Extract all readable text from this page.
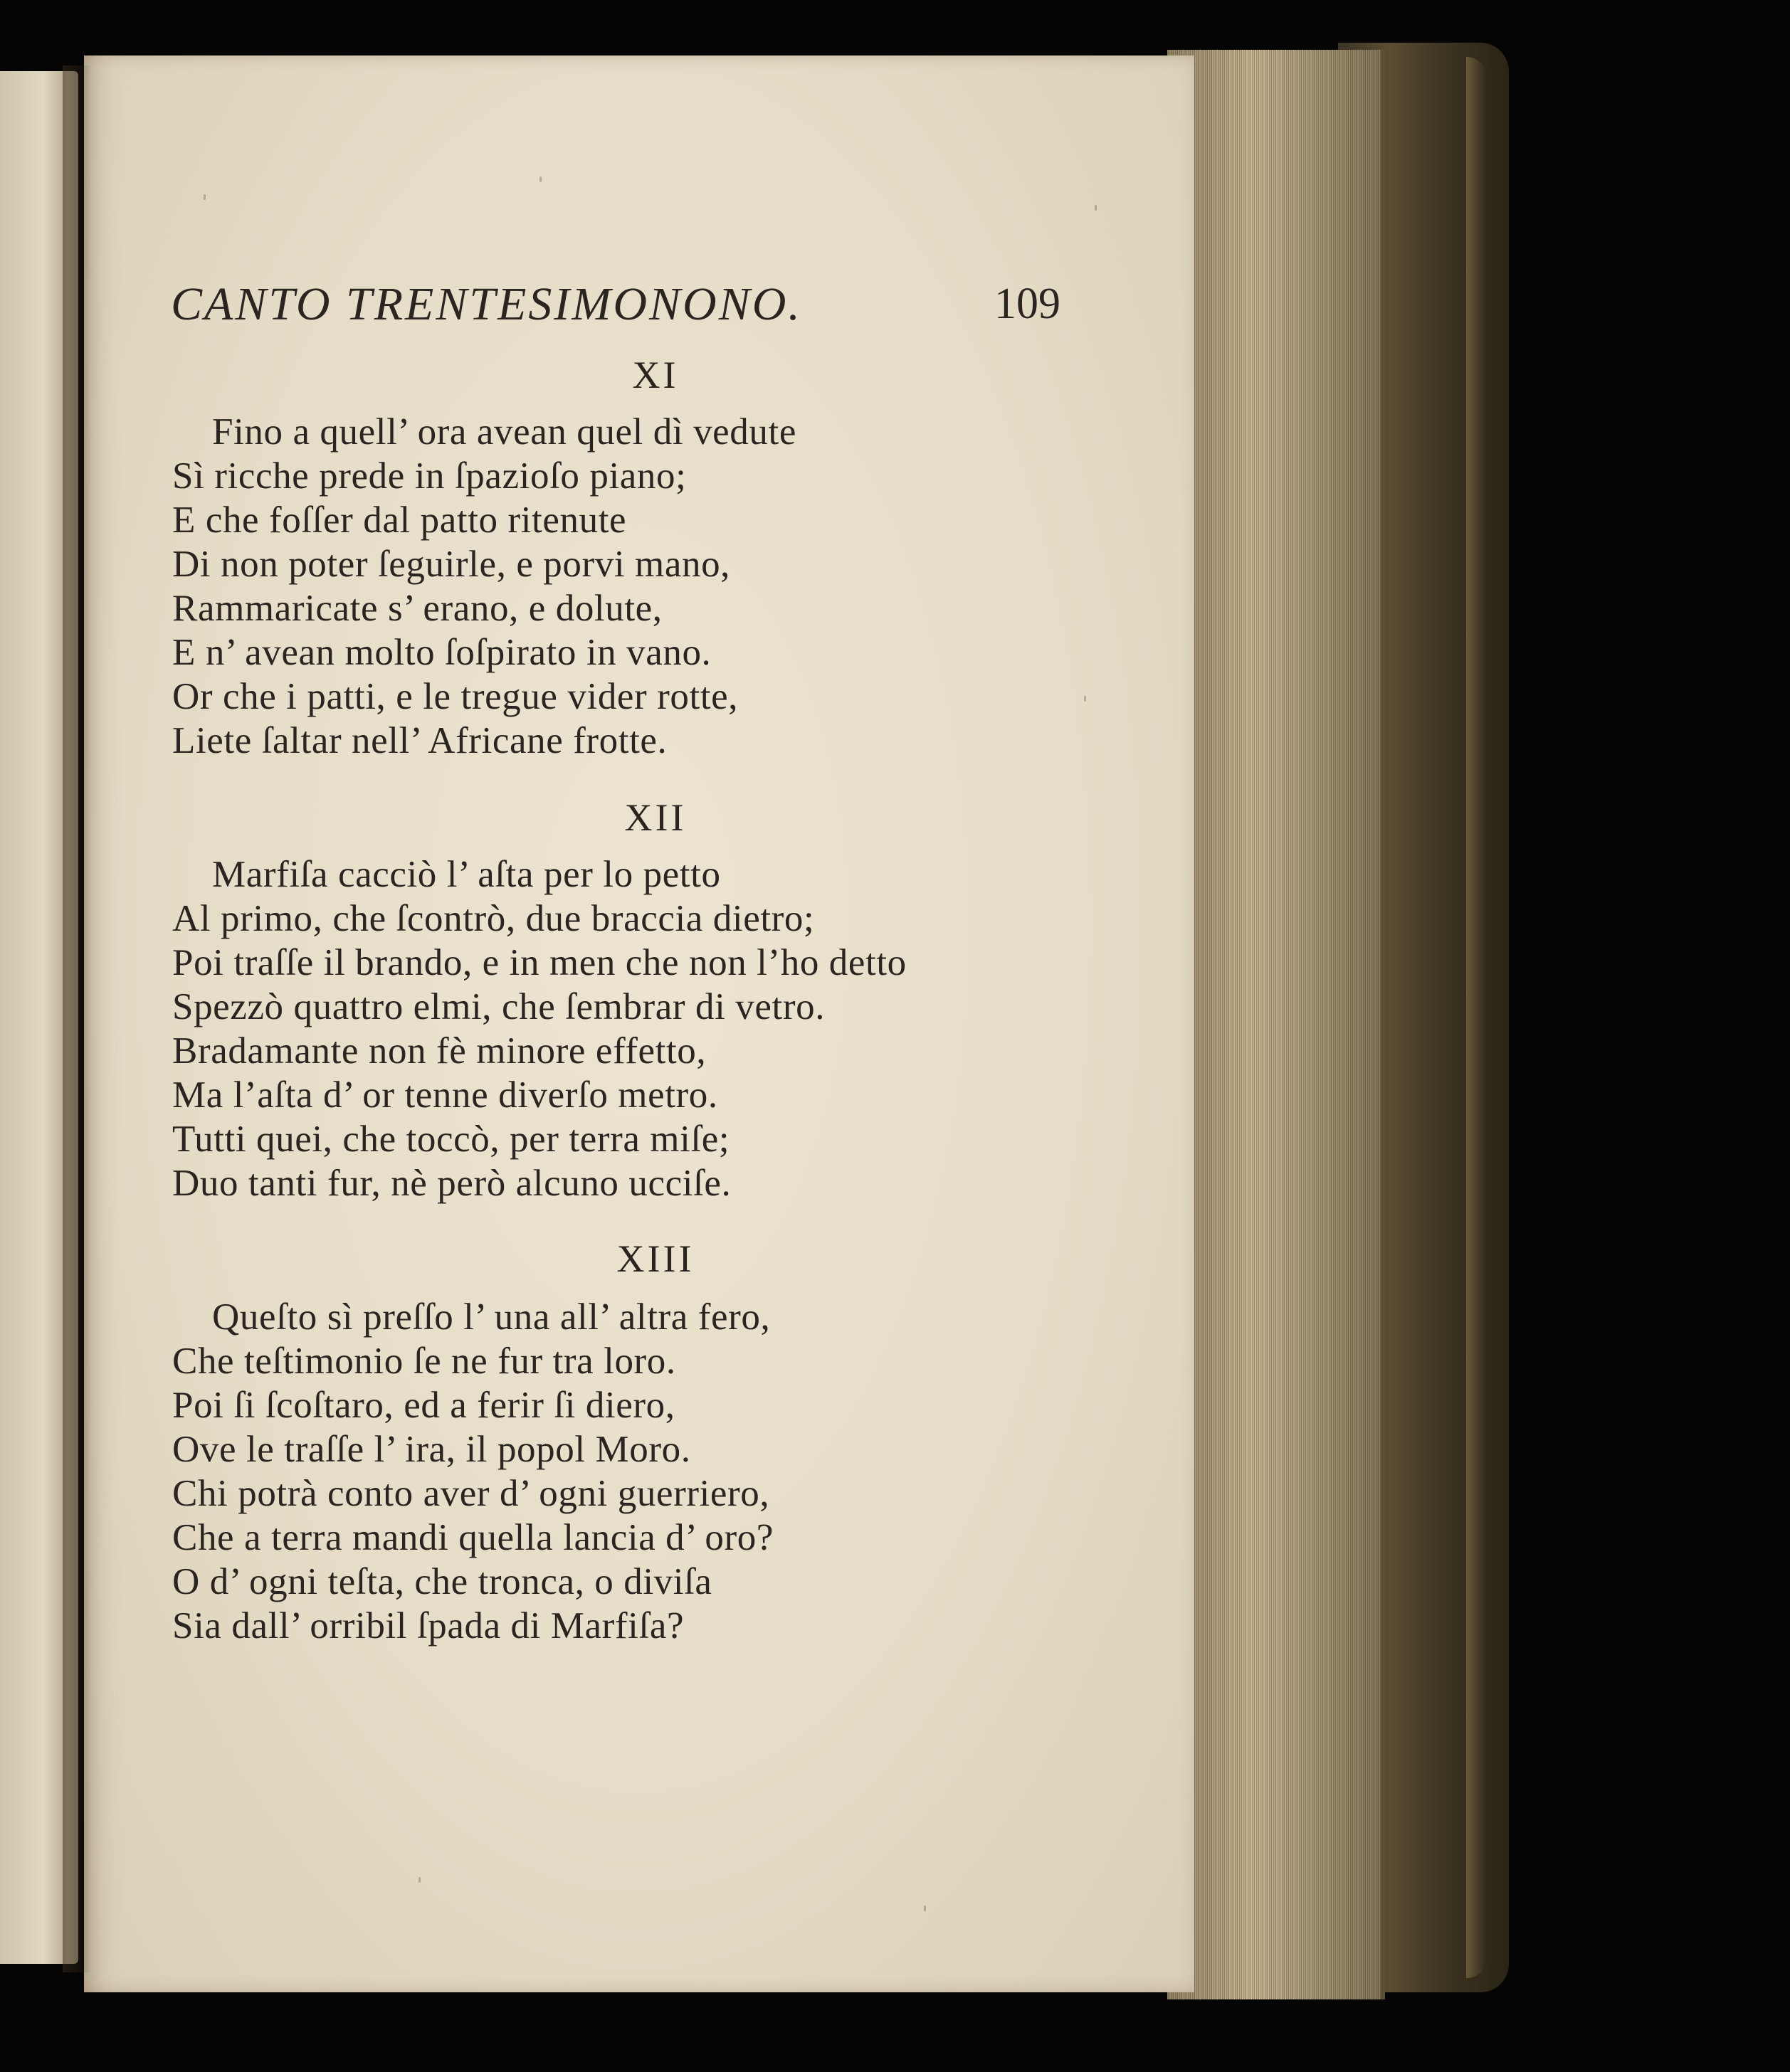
CANTO TRENTESIMONONO.	109
XI
Fino a quell’ ora avean quel dì vedute
Sì ricche prede in ſpazioſo piano;
E che foſſer dal patto ritenute
Di non poter ſeguirle, e porvi mano,
Rammaricate s’ erano, e dolute,
E n’ avean molto ſoſpirato in vano.
Or che i patti, e le tregue vider rotte,
Liete ſaltar nell’ Africane frotte.
XII
Marfiſa cacciò l’ aſta per lo petto
Al primo, che ſcontrò, due braccia dietro;
Poi traſſe il brando, e in men che non l’ho detto
Spezzò quattro elmi, che ſembrar di vetro.
Bradamante non fè minore effetto,
Ma l’aſta d’ or tenne diverſo metro.
Tutti quei, che toccò, per terra miſe;
Duo tanti fur, nè però alcuno ucciſe.
XIII
Queſto sì preſſo l’ una all’ altra fero,
Che teſtimonio ſe ne fur tra loro.
Poi ſi ſcoſtaro, ed a ferir ſi diero,
Ove le traſſe l’ ira, il popol Moro.
Chi potrà conto aver d’ ogni guerriero,
Che a terra mandi quella lancia d’ oro?
O d’ ogni teſta, che tronca, o diviſa
Sia dall’ orribil ſpada di Marfiſa?
